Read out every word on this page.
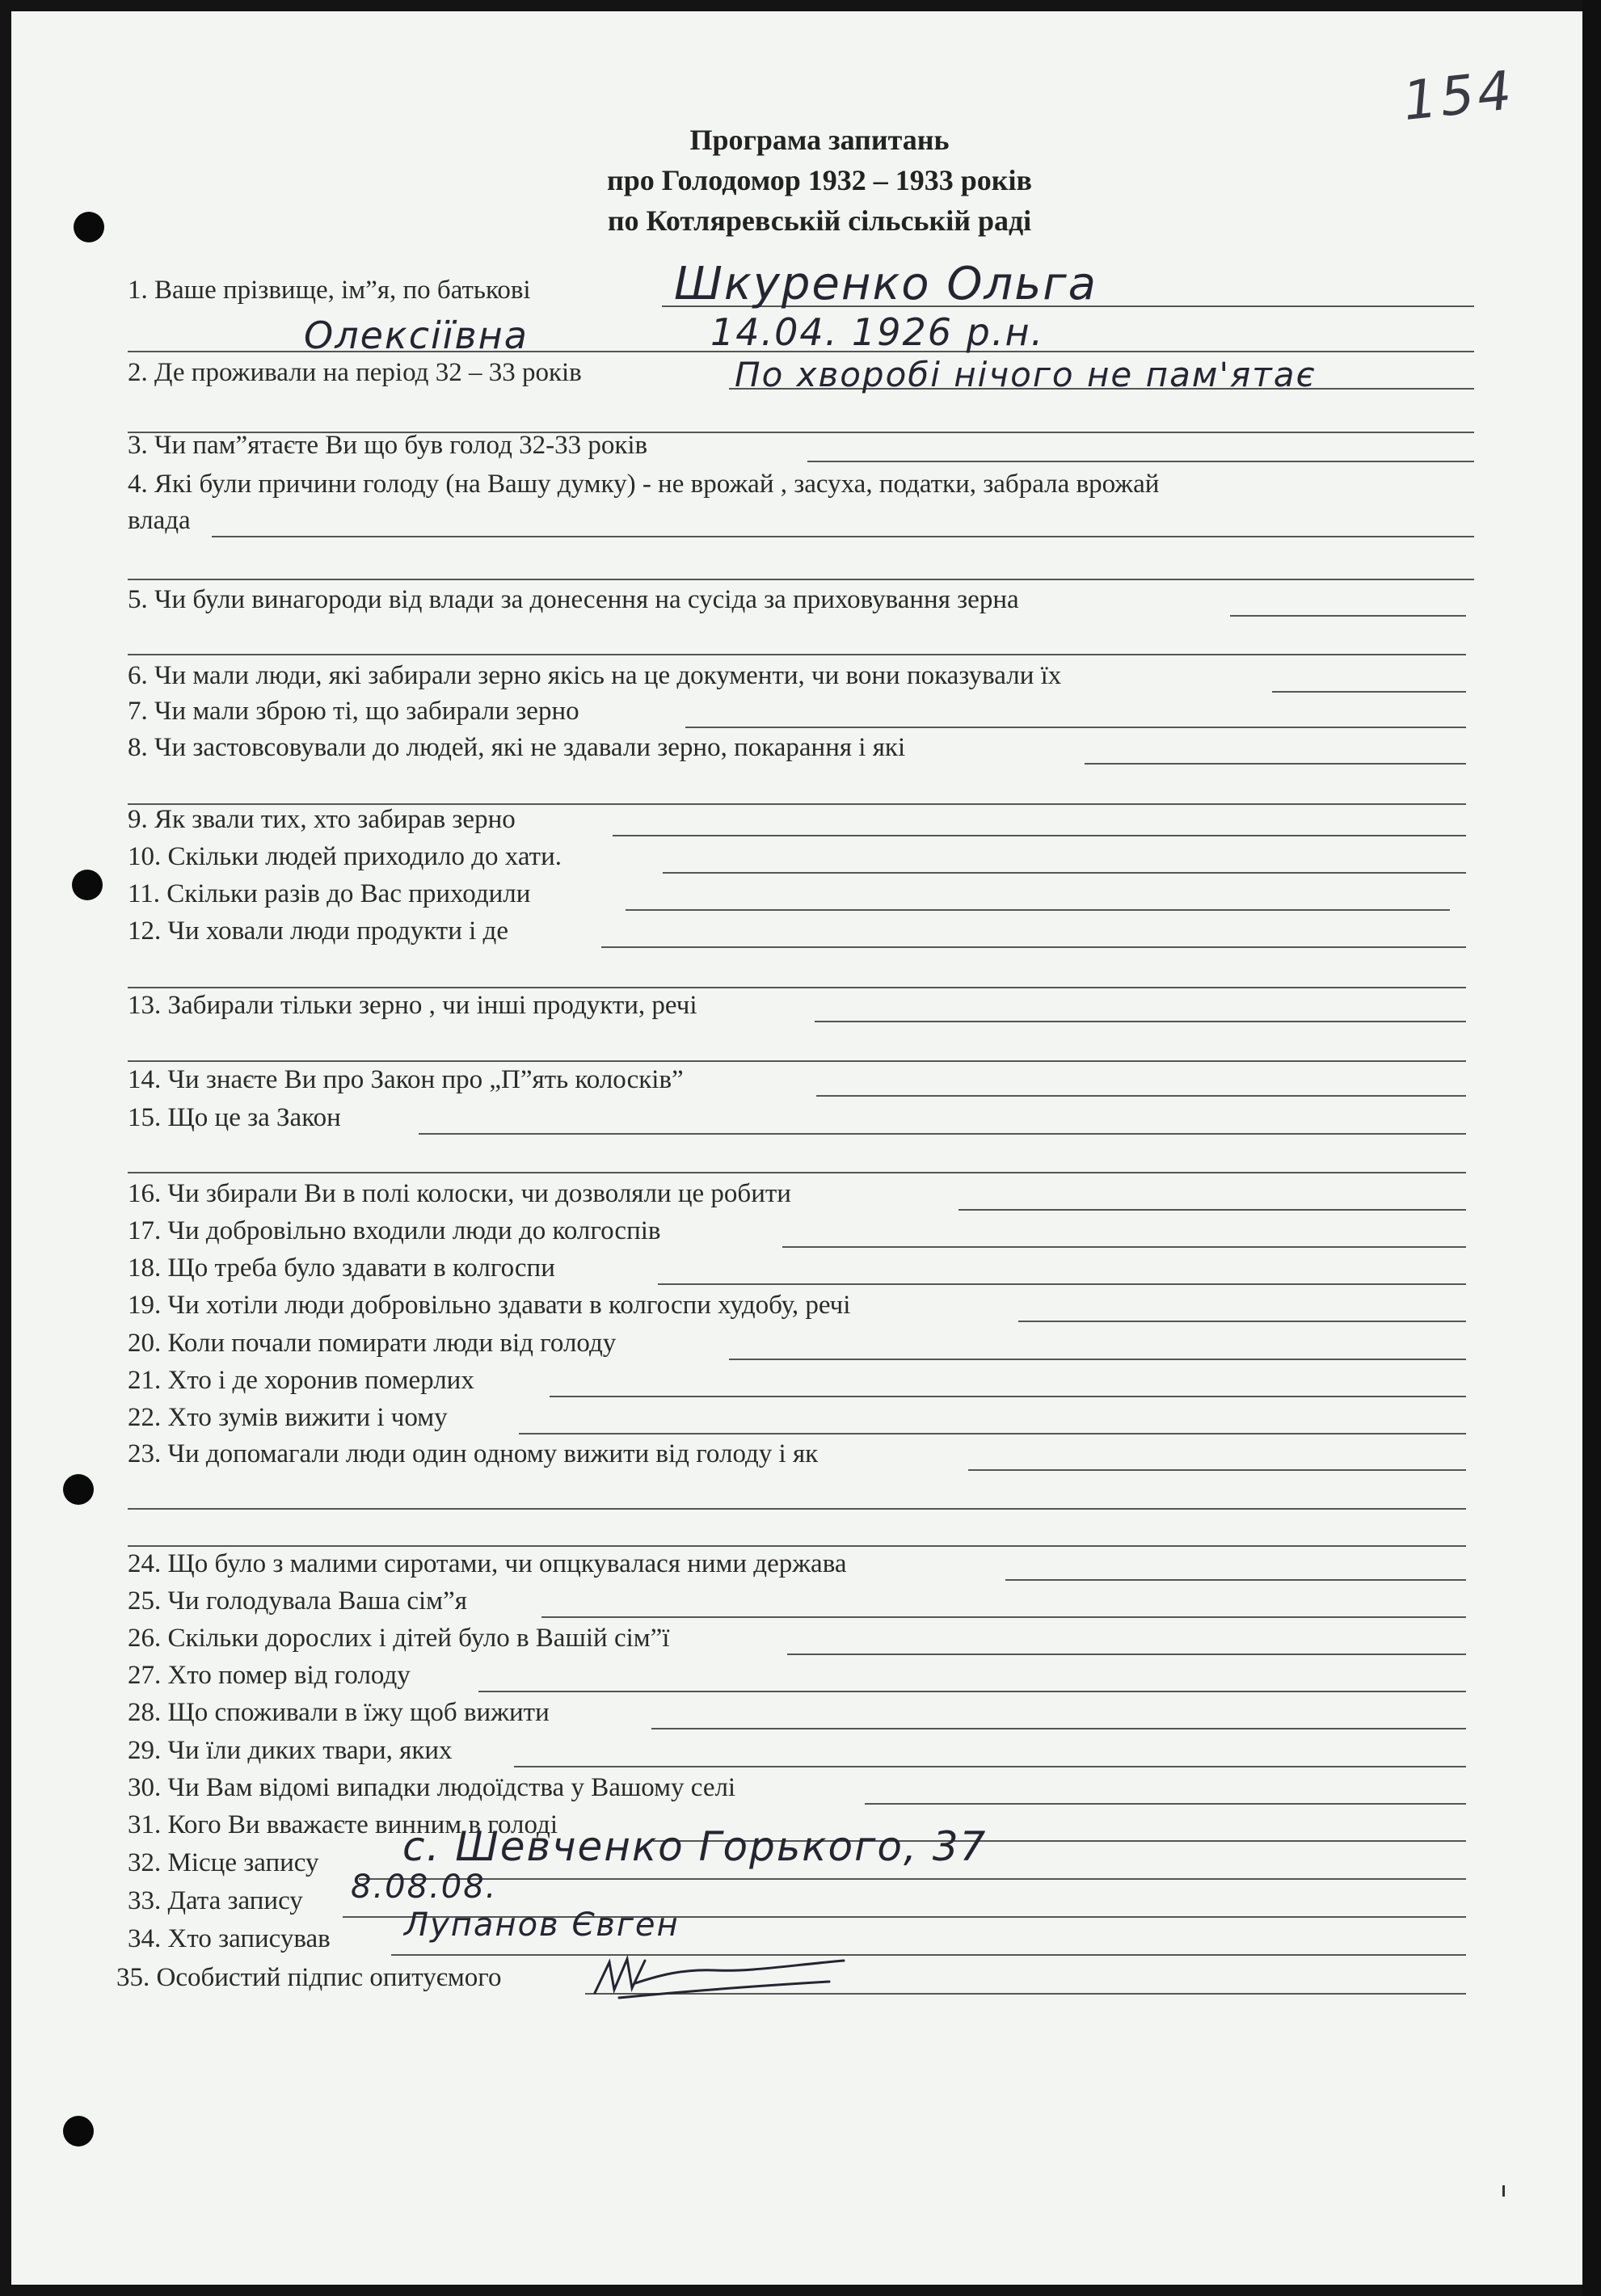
154
Програма запитань
про Голодомор 1932 – 1933 років
по Котляревській сільській раді
1. Ваше прізвище, ім”я, по батькові	Шкуренко Ольга
Олексіївна	14.04. 1926 р.н.
2. Де проживали на період 32 – 33 років	По хворобі нічого не пам'ятає
3. Чи пам”ятаєте Ви що був голод 32-33 років
4. Які були причини голоду (на Вашу думку) - не врожай , засуха, податки, забрала врожай
влада
5. Чи були винагороди від влади за донесення на сусіда за приховування зерна
6. Чи мали люди, які забирали зерно якісь на це документи, чи вони показували їх
7. Чи мали зброю ті, що забирали зерно
8. Чи застовсовували до людей, які не здавали зерно, покарання і які
9. Як звали тих, хто забирав зерно
10. Скільки людей приходило до хати.
11. Скільки разів до Вас приходили
12. Чи ховали люди продукти і де
13. Забирали тільки зерно , чи інші продукти, речі
14. Чи знаєте Ви про Закон про „П”ять колосків”
15. Що це за Закон
16. Чи збирали Ви в полі колоски, чи дозволяли це робити
17. Чи добровільно входили люди до колгоспів
18. Що треба було здавати в колгоспи
19. Чи хотіли люди добровільно здавати в колгоспи худобу, речі
20. Коли почали помирати люди від голоду
21. Хто і де хоронив померлих
22. Хто зумів вижити і чому
23. Чи допомагали люди один одному вижити від голоду і як
24. Що було з малими сиротами, чи опцкувалася ними держава
25. Чи голодувала Ваша сім”я
26. Скільки дорослих і дітей було в Вашій сім”ї
27. Хто помер від голоду
28. Що споживали в їжу щоб вижити
29. Чи їли диких твари, яких
30. Чи Вам відомі випадки людоїдства у Вашому селі
31. Кого Ви вважаєте винним в голоді
32. Місце запису с. Шевченко Горького, 37
33. Дата запису 8.08.08.
34. Хто записував Лупанов Євген
35. Особистий підпис опитуємого
